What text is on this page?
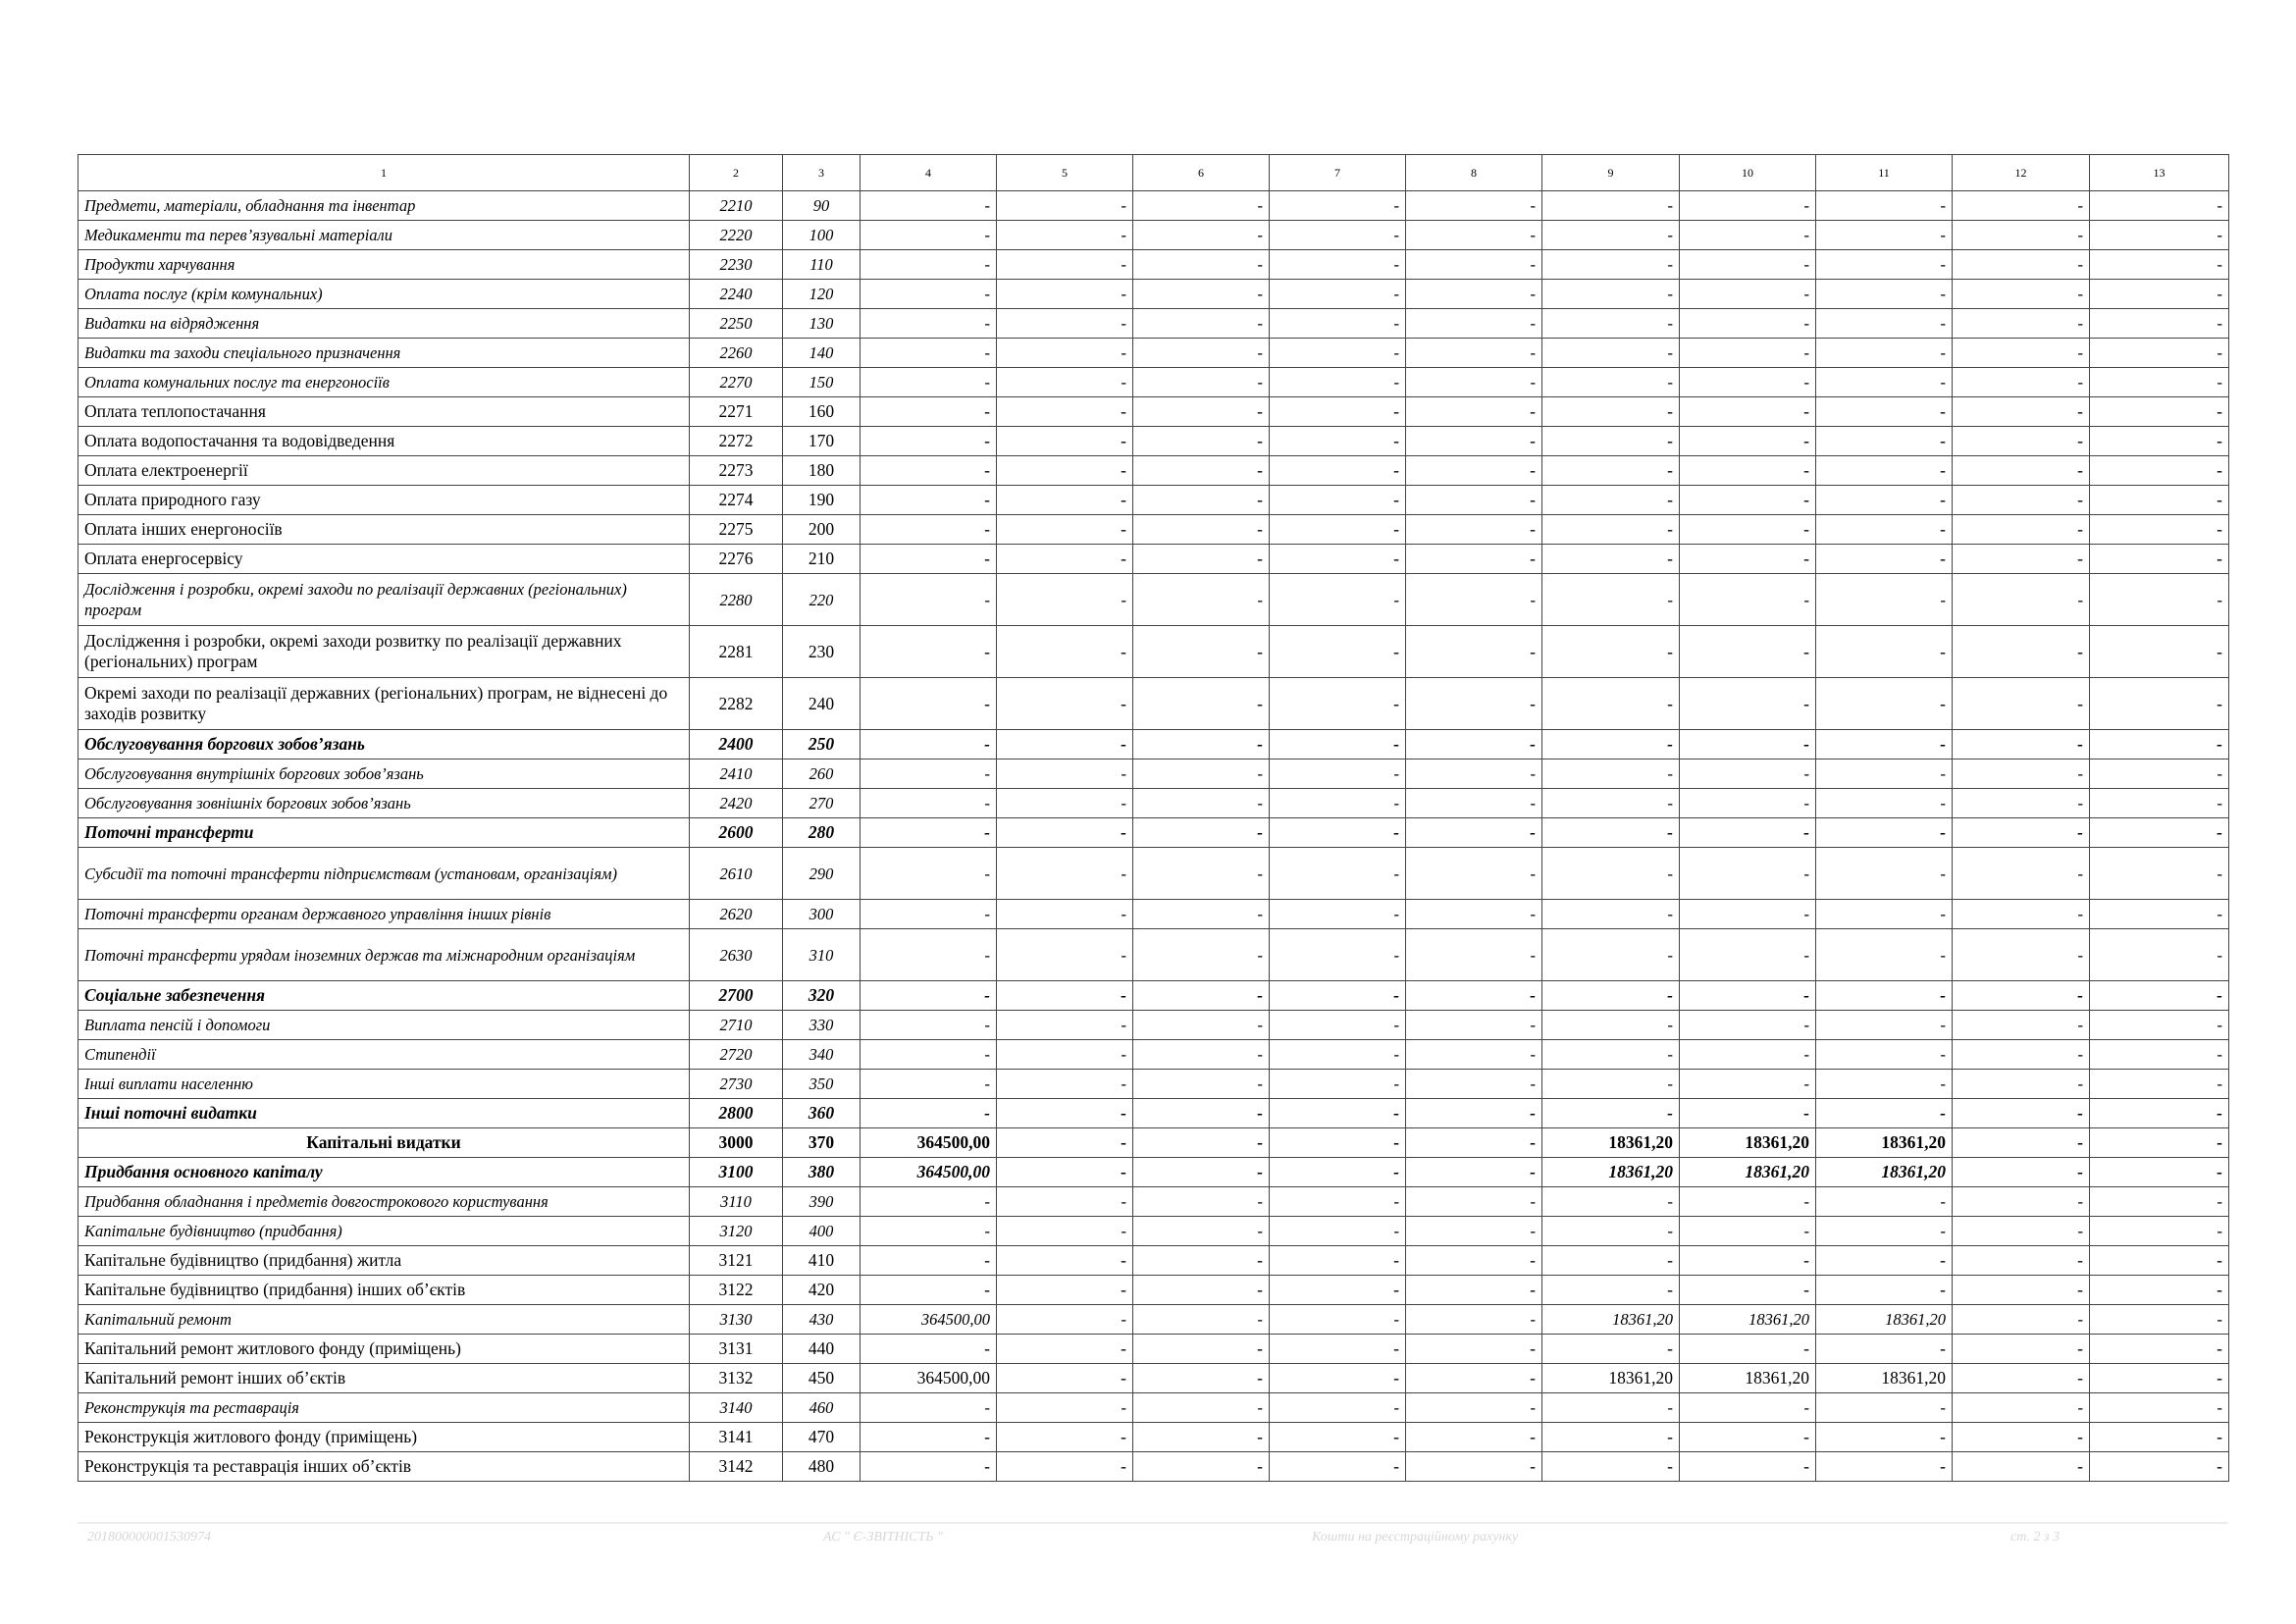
1	2	3	4	5	6	7	8	9	10	11	12	13
Предмети, матеріали, обладнання та інвентар	2210	90	-	-	-	-	-	-	-	-	-	-
Медикаменти та перев’язувальні матеріали	2220	100	-	-	-	-	-	-	-	-	-	-
Продукти харчування	2230	110	-	-	-	-	-	-	-	-	-	-
Оплата послуг (крім комунальних)	2240	120	-	-	-	-	-	-	-	-	-	-
Видатки на відрядження	2250	130	-	-	-	-	-	-	-	-	-	-
Видатки та заходи спеціального призначення	2260	140	-	-	-	-	-	-	-	-	-	-
Оплата комунальних послуг та енергоносіїв	2270	150	-	-	-	-	-	-	-	-	-	-
Оплата теплопостачання	2271	160	-	-	-	-	-	-	-	-	-	-
Оплата водопостачання та водовідведення	2272	170	-	-	-	-	-	-	-	-	-	-
Оплата електроенергії	2273	180	-	-	-	-	-	-	-	-	-	-
Оплата природного газу	2274	190	-	-	-	-	-	-	-	-	-	-
Оплата інших енергоносіїв	2275	200	-	-	-	-	-	-	-	-	-	-
Оплата енергосервісу	2276	210	-	-	-	-	-	-	-	-	-	-
Дослідження і розробки, окремі заходи по реалізації державних (регіональних) програм	2280	220	-	-	-	-	-	-	-	-	-	-
Дослідження і розробки, окремі заходи розвитку по реалізації державних (регіональних) програм	2281	230	-	-	-	-	-	-	-	-	-	-
Окремі заходи по реалізації державних (регіональних) програм, не віднесені до заходів розвитку	2282	240	-	-	-	-	-	-	-	-	-	-
Обслуговування боргових зобов’язань	2400	250	-	-	-	-	-	-	-	-	-	-
Обслуговування внутрішніх боргових зобов’язань	2410	260	-	-	-	-	-	-	-	-	-	-
Обслуговування зовнішніх боргових зобов’язань	2420	270	-	-	-	-	-	-	-	-	-	-
Поточні трансферти	2600	280	-	-	-	-	-	-	-	-	-	-
Субсидії та поточні трансферти підприємствам (установам, організаціям)	2610	290	-	-	-	-	-	-	-	-	-	-
Поточні трансферти органам державного управління інших рівнів	2620	300	-	-	-	-	-	-	-	-	-	-
Поточні трансферти урядам іноземних держав та міжнародним організаціям	2630	310	-	-	-	-	-	-	-	-	-	-
Соціальне забезпечення	2700	320	-	-	-	-	-	-	-	-	-	-
Виплата пенсій і допомоги	2710	330	-	-	-	-	-	-	-	-	-	-
Стипендії	2720	340	-	-	-	-	-	-	-	-	-	-
Інші виплати населенню	2730	350	-	-	-	-	-	-	-	-	-	-
Інші поточні видатки	2800	360	-	-	-	-	-	-	-	-	-	-
Капітальні видатки	3000	370	364500,00	-	-	-	-	18361,20	18361,20	18361,20	-	-
Придбання основного капіталу	3100	380	364500,00	-	-	-	-	18361,20	18361,20	18361,20	-	-
Придбання обладнання і предметів довгострокового користування	3110	390	-	-	-	-	-	-	-	-	-	-
Капітальне будівництво (придбання)	3120	400	-	-	-	-	-	-	-	-	-	-
Капітальне будівництво (придбання) житла	3121	410	-	-	-	-	-	-	-	-	-	-
Капітальне будівництво (придбання) інших об’єктів	3122	420	-	-	-	-	-	-	-	-	-	-
Капітальний ремонт	3130	430	364500,00	-	-	-	-	18361,20	18361,20	18361,20	-	-
Капітальний ремонт житлового фонду (приміщень)	3131	440	-	-	-	-	-	-	-	-	-	-
Капітальний ремонт інших об’єктів	3132	450	364500,00	-	-	-	-	18361,20	18361,20	18361,20	-	-
Реконструкція та реставрація	3140	460	-	-	-	-	-	-	-	-	-	-
Реконструкція житлового фонду (приміщень)	3141	470	-	-	-	-	-	-	-	-	-	-
Реконструкція та реставрація інших об’єктів	3142	480	-	-	-	-	-	-	-	-	-	-
201800000001530974	АС " Є-ЗВІТНІСТЬ "	Кошти на реєстраційному рахунку	ст. 2 з 3
